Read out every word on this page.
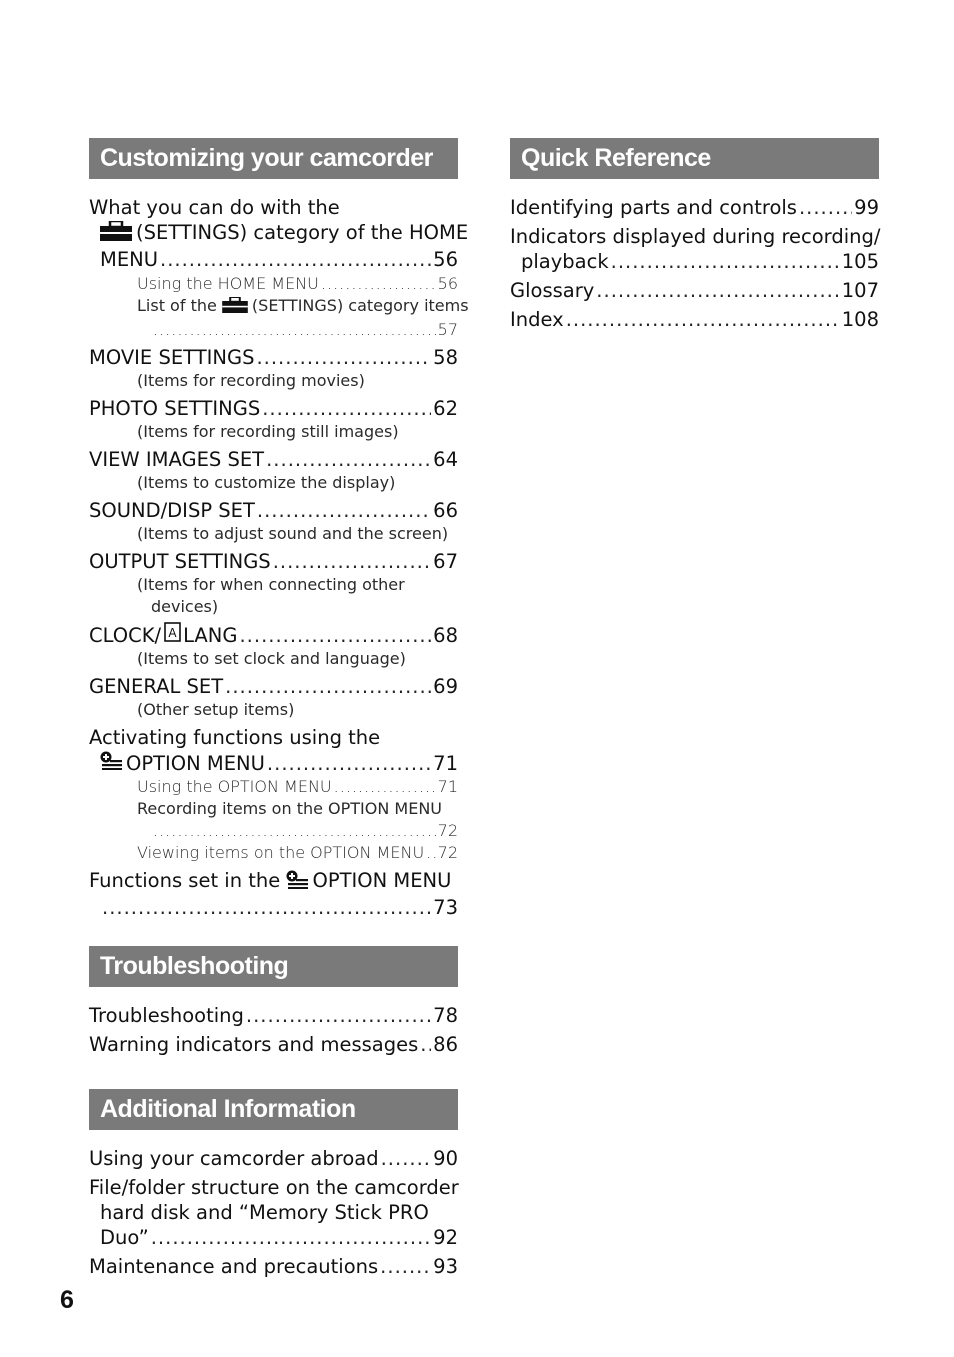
Customizing your camcorder
What you can do with the
(SETTINGS) category of the HOME
MENU .....	56
Using the HOME MENU .....	56
List of the (SETTINGS) category items
.....
57
MOVIE SETTINGS .....	58
(Items for recording movies)
PHOTO SETTINGS .....	62
(Items for recording still images)
VIEW IMAGES SET .....	64
(Items to customize the display)
SOUND/DISP SET .....	66
(Items to adjust sound and the screen)
OUTPUT SETTINGS .....	67
(Items for when connecting other
devices)
CLOCK/ A LANG .....	68
(Items to set clock and language)
GENERAL SET .....	69
(Other setup items)
Activating functions using the
OPTION MENU .....	71
Using the OPTION MENU .....	71
Recording items on the OPTION MENU
.....
72
Viewing items on the OPTION MENU ..... 72
Functions set in the OPTION MENU
.....
73
Troubleshooting
Troubleshooting .....	78
Warning indicators and messages ..... 86
Additional Information
Using your camcorder abroad .....	90
File/folder structure on the camcorder
hard disk and “Memory Stick PRO
Duo” .....	92
Maintenance and precautions .....	93
Quick Reference
Identifying parts and controls .....	99
Indicators displayed during recording/
playback .....	105
Glossary .....	107
Index .....	108
6
